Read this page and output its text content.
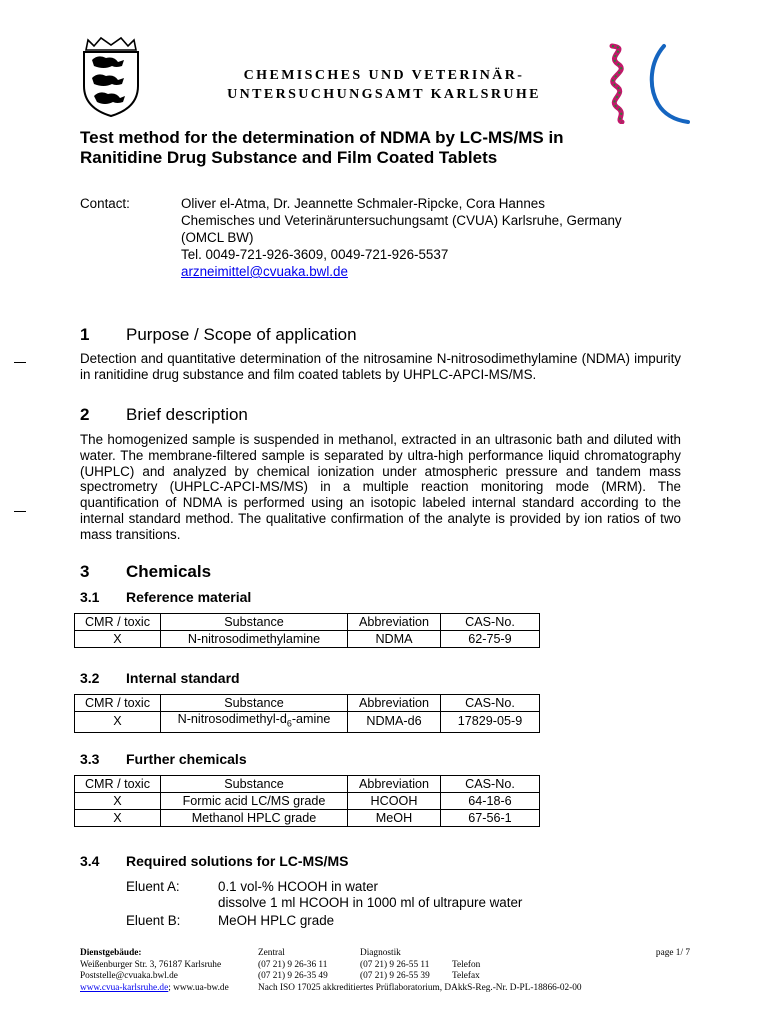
CHEMISCHES UND VETERINÄR-
UNTERSUCHUNGSAMT KARLSRUHE
Test method for the determination of NDMA by LC-MS/MS in
Ranitidine Drug Substance and Film Coated Tablets
Contact:	Oliver el-Atma, Dr. Jeannette Schmaler-Ripcke, Cora Hannes
Chemisches und Veterinäruntersuchungsamt (CVUA) Karlsruhe, Germany
(OMCL BW)
Tel. 0049-721-926-3609, 0049-721-926-5537
arzneimittel@cvuaka.bwl.de
1 Purpose / Scope of application
Detection and quantitative determination of the nitrosamine N-nitrosodimethylamine (NDMA) impurity in ranitidine drug substance and film coated tablets by UHPLC-APCI-MS/MS.
2 Brief description
The homogenized sample is suspended in methanol, extracted in an ultrasonic bath and diluted with water. The membrane-filtered sample is separated by ultra-high performance liquid chromatography (UHPLC) and analyzed by chemical ionization under atmospheric pressure and tandem mass spectrometry (UHPLC-APCI-MS/MS) in a multiple reaction monitoring mode (MRM). The quantification of NDMA is performed using an isotopic labeled internal standard according to the internal standard method. The qualitative confirmation of the analyte is provided by ion ratios of two mass transitions.
3 Chemicals
3.1 Reference material
CMR / toxic	Substance	Abbreviation	CAS-No.
X	N-nitrosodimethylamine	NDMA	62-75-9
3.2 Internal standard
CMR / toxic	Substance	Abbreviation	CAS-No.
X	$N-nitrosodimethyl-d_6$-amine	NDMA-d6	17829-05-9
3.3 Further chemicals
CMR / toxic	Substance	Abbreviation	CAS-No.
X	Formic acid LC/MS grade	HCOOH	64-18-6
X	Methanol HPLC grade	MeOH	67-56-1
3.4 Required solutions for LC-MS/MS
Eluent A:	0.1 vol-% HCOOH in water
dissolve 1 ml HCOOH in 1000 ml of ultrapure water
Eluent B:	MeOH HPLC grade
Dienstgebäude:
Weißenburger Str. 3, 76187 Karlsruhe
Poststelle@cvuaka.bwl.de
www.cvua-karlsruhe.de; www.ua-bw.de
Zentral
(07 21) 9 26-36 11
(07 21) 9 26-35 49
Diagnostik
(07 21) 9 26-55 11
(07 21) 9 26-55 39
Telefon
Telefax
Nach ISO 17025 akkreditiertes Prüflaboratorium, DAkkS-Reg.-Nr. D-PL-18866-02-00
page 1/ 7
